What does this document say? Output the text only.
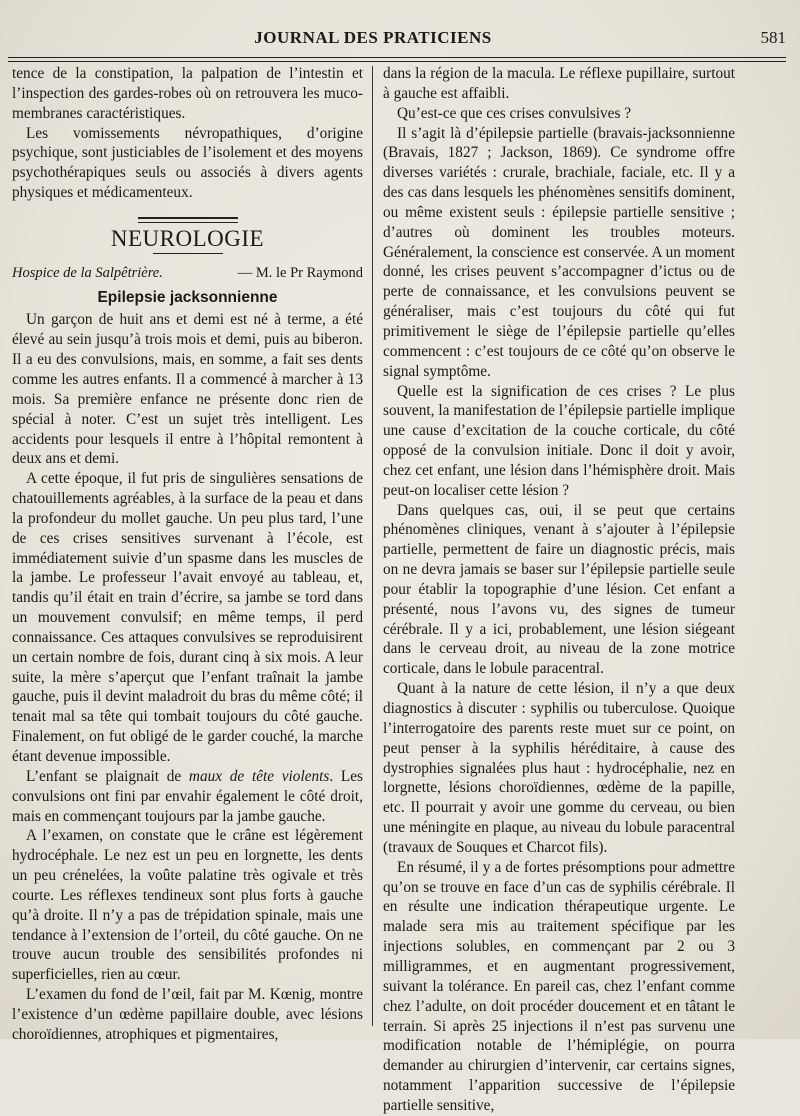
JOURNAL DES PRATICIENS	581

tence de la constipation, la palpation de l’intestin et l’inspection des gardes-robes où on retrouvera les muco-membranes caractéristiques.

Les vomissements névropathiques, d’origine psychique, sont justiciables de l’isolement et des moyens psychothérapiques seuls ou associés à divers agents physiques et médicamenteux.

NEUROLOGIE
Hospice de la Salpêtrière.	— M. le Pr Raymond
Epilepsie jacksonnienne

Un garçon de huit ans et demi est né à terme, a été élevé au sein jusqu’à trois mois et demi, puis au biberon. Il a eu des convulsions, mais, en somme, a fait ses dents comme les autres enfants. Il a commencé à marcher à 13 mois. Sa première enfance ne présente donc rien de spécial à noter. C’est un sujet très intelligent. Les accidents pour lesquels il entre à l’hôpital remontent à deux ans et demi.

A cette époque, il fut pris de singulières sensations de chatouillements agréables, à la surface de la peau et dans la profondeur du mollet gauche. Un peu plus tard, l’une de ces crises sensitives survenant à l’école, est immédiatement suivie d’un spasme dans les muscles de la jambe. Le professeur l’avait envoyé au tableau, et, tandis qu’il était en train d’écrire, sa jambe se tord dans un mouvement convulsif; en même temps, il perd connaissance. Ces attaques convulsives se reproduisirent un certain nombre de fois, durant cinq à six mois. A leur suite, la mère s’aperçut que l’enfant traînait la jambe gauche, puis il devint maladroit du bras du même côté; il tenait mal sa tête qui tombait toujours du côté gauche. Finalement, on fut obligé de le garder couché, la marche étant devenue impossible.

L’enfant se plaignait de maux de tête violents. Les convulsions ont fini par envahir également le côté droit, mais en commençant toujours par la jambe gauche.

A l’examen, on constate que le crâne est légèrement hydrocéphale. Le nez est un peu en lorgnette, les dents un peu crénelées, la voûte palatine très ogivale et très courte. Les réflexes tendineux sont plus forts à gauche qu’à droite. Il n’y a pas de trépidation spinale, mais une tendance à l’extension de l’orteil, du côté gauche. On ne trouve aucun trouble des sensibilités profondes ni superficielles, rien au cœur.

L’examen du fond de l’œil, fait par M. Kœnig, montre l’existence d’un œdème papillaire double, avec lésions choroïdiennes, atrophiques et pigmentaires,

dans la région de la macula. Le réflexe pupillaire, surtout à gauche est affaibli.

Qu’est-ce que ces crises convulsives ?

Il s’agit là d’épilepsie partielle (bravais-jacksonnienne (Bravais, 1827 ; Jackson, 1869). Ce syndrome offre diverses variétés : crurale, brachiale, faciale, etc. Il y a des cas dans lesquels les phénomènes sensitifs dominent, ou même existent seuls : épilepsie partielle sensitive ; d’autres où dominent les troubles moteurs. Généralement, la conscience est conservée. A un moment donné, les crises peuvent s’accompagner d’ictus ou de perte de connaissance, et les convulsions peuvent se généraliser, mais c’est toujours du côté qui fut primitivement le siège de l’épilepsie partielle qu’elles commencent : c’est toujours de ce côté qu’on observe le signal symptôme.

Quelle est la signification de ces crises ? Le plus souvent, la manifestation de l’épilepsie partielle implique une cause d’excitation de la couche corticale, du côté opposé de la convulsion initiale. Donc il doit y avoir, chez cet enfant, une lésion dans l’hémisphère droit. Mais peut-on localiser cette lésion ?

Dans quelques cas, oui, il se peut que certains phénomènes cliniques, venant à s’ajouter à l’épilepsie partielle, permettent de faire un diagnostic précis, mais on ne devra jamais se baser sur l’épilepsie partielle seule pour établir la topographie d’une lésion. Cet enfant a présenté, nous l’avons vu, des signes de tumeur cérébrale. Il y a ici, probablement, une lésion siégeant dans le cerveau droit, au niveau de la zone motrice corticale, dans le lobule paracentral.

Quant à la nature de cette lésion, il n’y a que deux diagnostics à discuter : syphilis ou tuberculose. Quoique l’interrogatoire des parents reste muet sur ce point, on peut penser à la syphilis héréditaire, à cause des dystrophies signalées plus haut : hydrocéphalie, nez en lorgnette, lésions choroïdiennes, œdème de la papille, etc. Il pourrait y avoir une gomme du cerveau, ou bien une méningite en plaque, au niveau du lobule paracentral (travaux de Souques et Charcot fils).

En résumé, il y a de fortes présomptions pour admettre qu’on se trouve en face d’un cas de syphilis cérébrale. Il en résulte une indication thérapeutique urgente. Le malade sera mis au traitement spécifique par les injections solubles, en commençant par 2 ou 3 milligrammes, et en augmentant progressivement, suivant la tolérance. En pareil cas, chez l’enfant comme chez l’adulte, on doit procéder doucement et en tâtant le terrain. Si après 25 injections il n’est pas survenu une modification notable de l’hémiplégie, on pourra demander au chirurgien d’intervenir, car certains signes, notamment l’apparition successive de l’épilepsie partielle sensitive,
